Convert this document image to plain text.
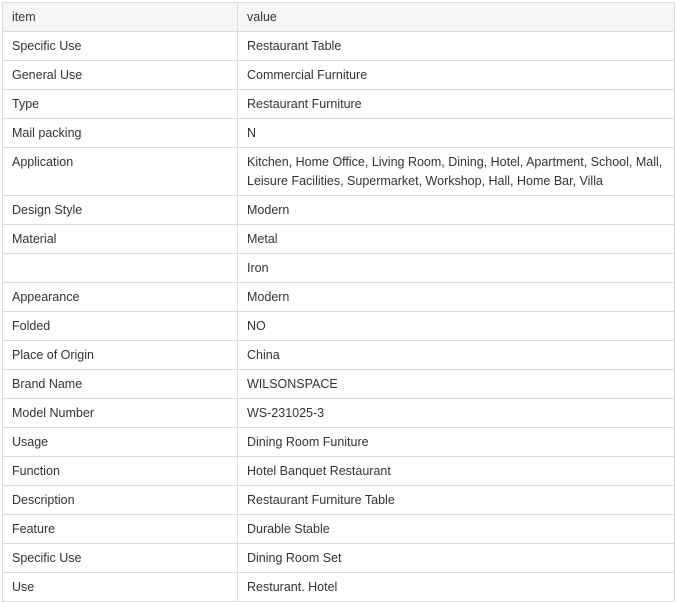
item	value
Specific Use	Restaurant Table
General Use	Commercial Furniture
Type	Restaurant Furniture
Mail packing	N
Application	Kitchen, Home Office, Living Room, Dining, Hotel, Apartment, School, Mall, Leisure Facilities, Supermarket, Workshop, Hall, Home Bar, Villa
Design Style	Modern
Material	Metal
	Iron
Appearance	Modern
Folded	NO
Place of Origin	China
Brand Name	WILSONSPACE
Model Number	WS-231025-3
Usage	Dining Room Funiture
Function	Hotel Banquet Restaurant
Description	Restaurant Furniture Table
Feature	Durable Stable
Specific Use	Dining Room Set
Use	Resturant. Hotel
